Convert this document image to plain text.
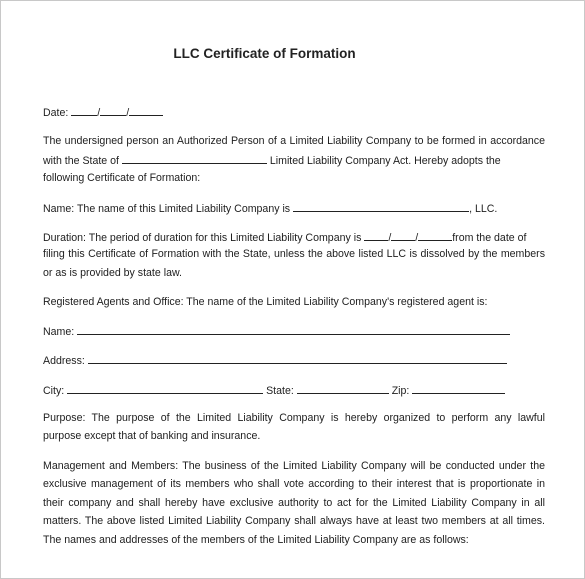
LLC Certificate of Formation
Date:	/ /
The undersigned person an Authorized Person of a Limited Liability Company to be formed in accordance
with the State of	Limited Liability Company Act. Hereby adopts the
following Certificate of Formation:
Name: The name of this Limited Liability Company is	, LLC.
Duration: The period of duration for this Limited Liability Company is	/ /	from the date of
filing this Certificate of Formation with the State, unless the above listed LLC is dissolved by the members
or as is provided by state law.
Registered Agents and Office: The name of the Limited Liability Company's registered agent is:
Name:
Address:
City:	State:	Zip:
Purpose: The purpose of the Limited Liability Company is hereby organized to perform any lawful
purpose except that of banking and insurance.
Management and Members: The business of the Limited Liability Company will be conducted under the
exclusive management of its members who shall vote according to their interest that is proportionate in
their company and shall hereby have exclusive authority to act for the Limited Liability Company in all
matters. The above listed Limited Liability Company shall always have at least two members at all times.
The names and addresses of the members of the Limited Liability Company are as follows:
